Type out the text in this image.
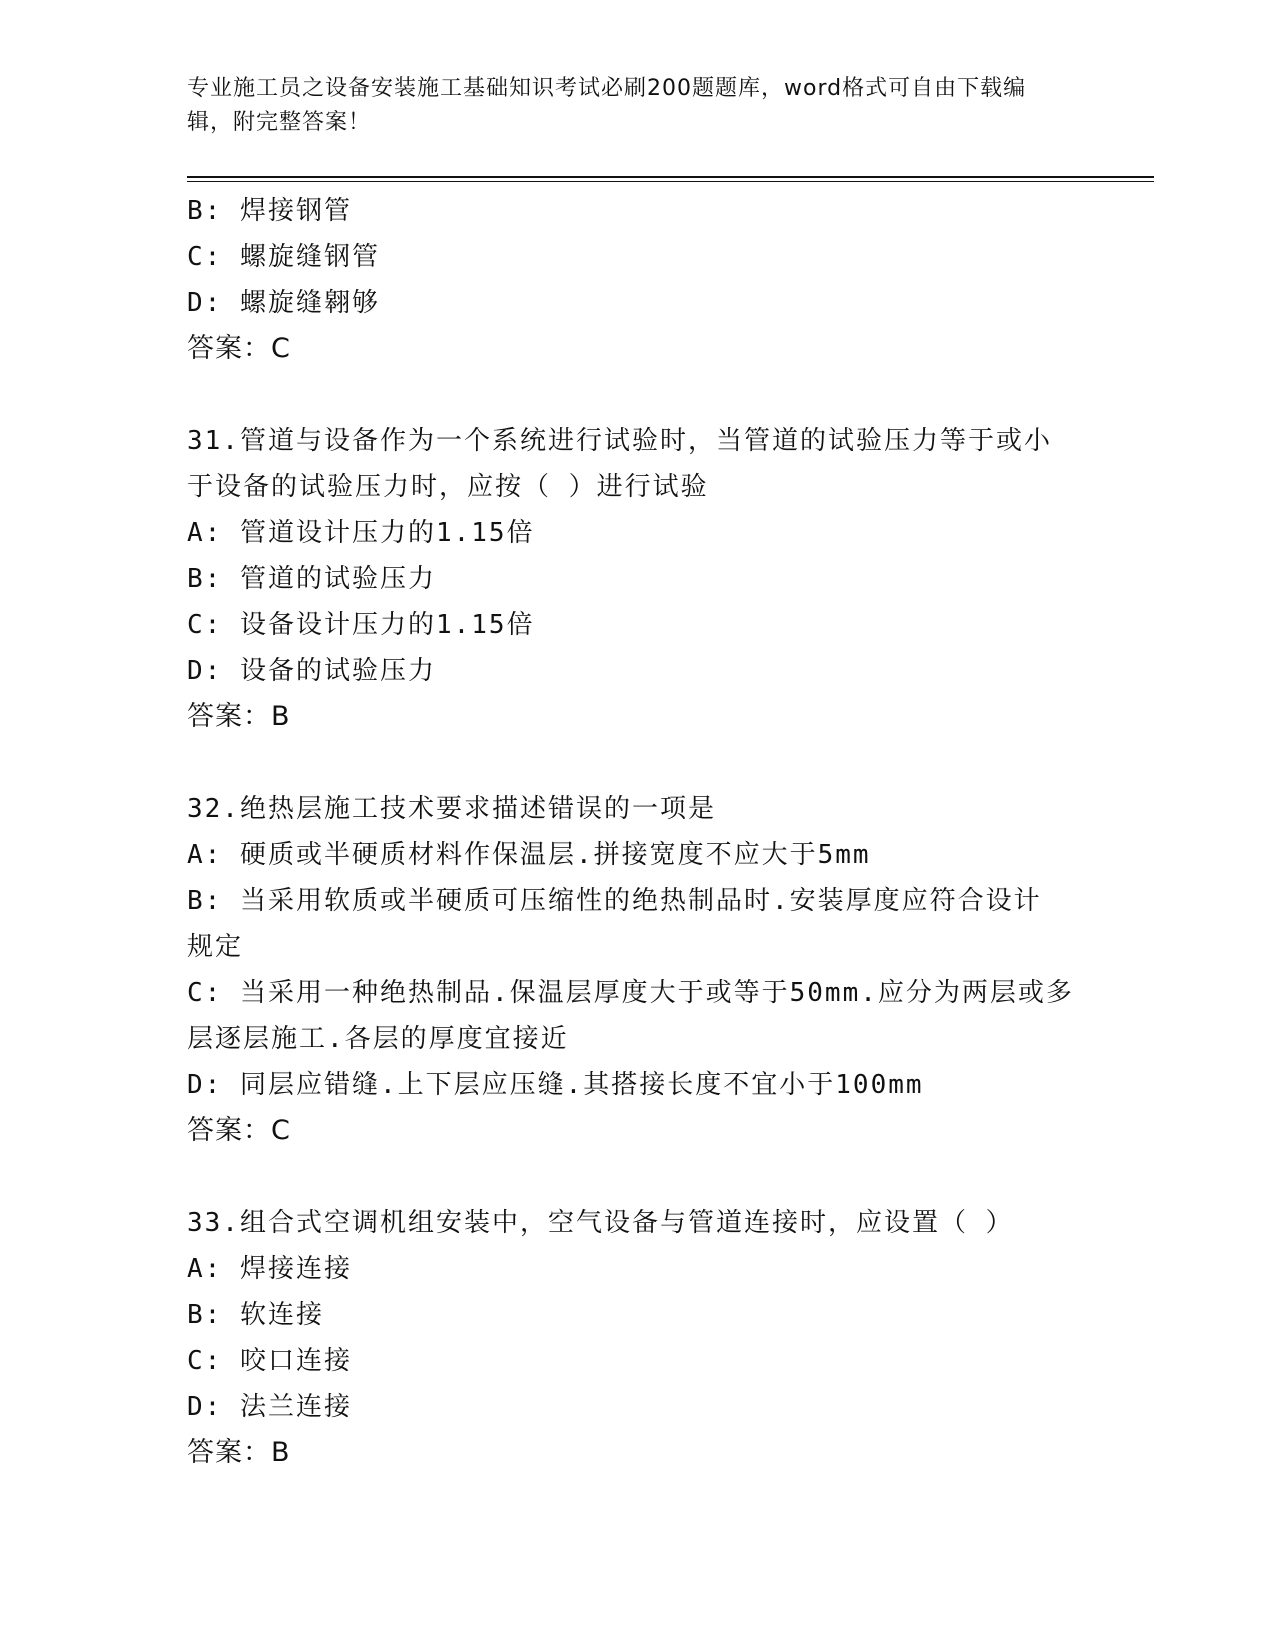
专业施工员之设备安装施工基础知识考试必刷200题题库，word格式可自由下载编辑，附完整答案！

B: 焊接钢管
C: 螺旋缝钢管
D: 螺旋缝翱够
答案：C
31.管道与设备作为一个系统进行试验时，当管道的试验压力等于或小
于设备的试验压力时，应按（ ）进行试验
A: 管道设计压力的1.15倍
B: 管道的试验压力
C: 设备设计压力的1.15倍
D: 设备的试验压力
答案：B
32.绝热层施工技术要求描述错误的一项是
A: 硬质或半硬质材料作保温层.拼接宽度不应大于5mm
B: 当采用软质或半硬质可压缩性的绝热制品时.安装厚度应符合设计
规定
C: 当采用一种绝热制品.保温层厚度大于或等于50mm.应分为两层或多
层逐层施工.各层的厚度宜接近
D: 同层应错缝.上下层应压缝.其搭接长度不宜小于100mm
答案：C
33.组合式空调机组安装中，空气设备与管道连接时，应设置（ ）
A: 焊接连接
B: 软连接
C: 咬口连接
D: 法兰连接
答案：B
